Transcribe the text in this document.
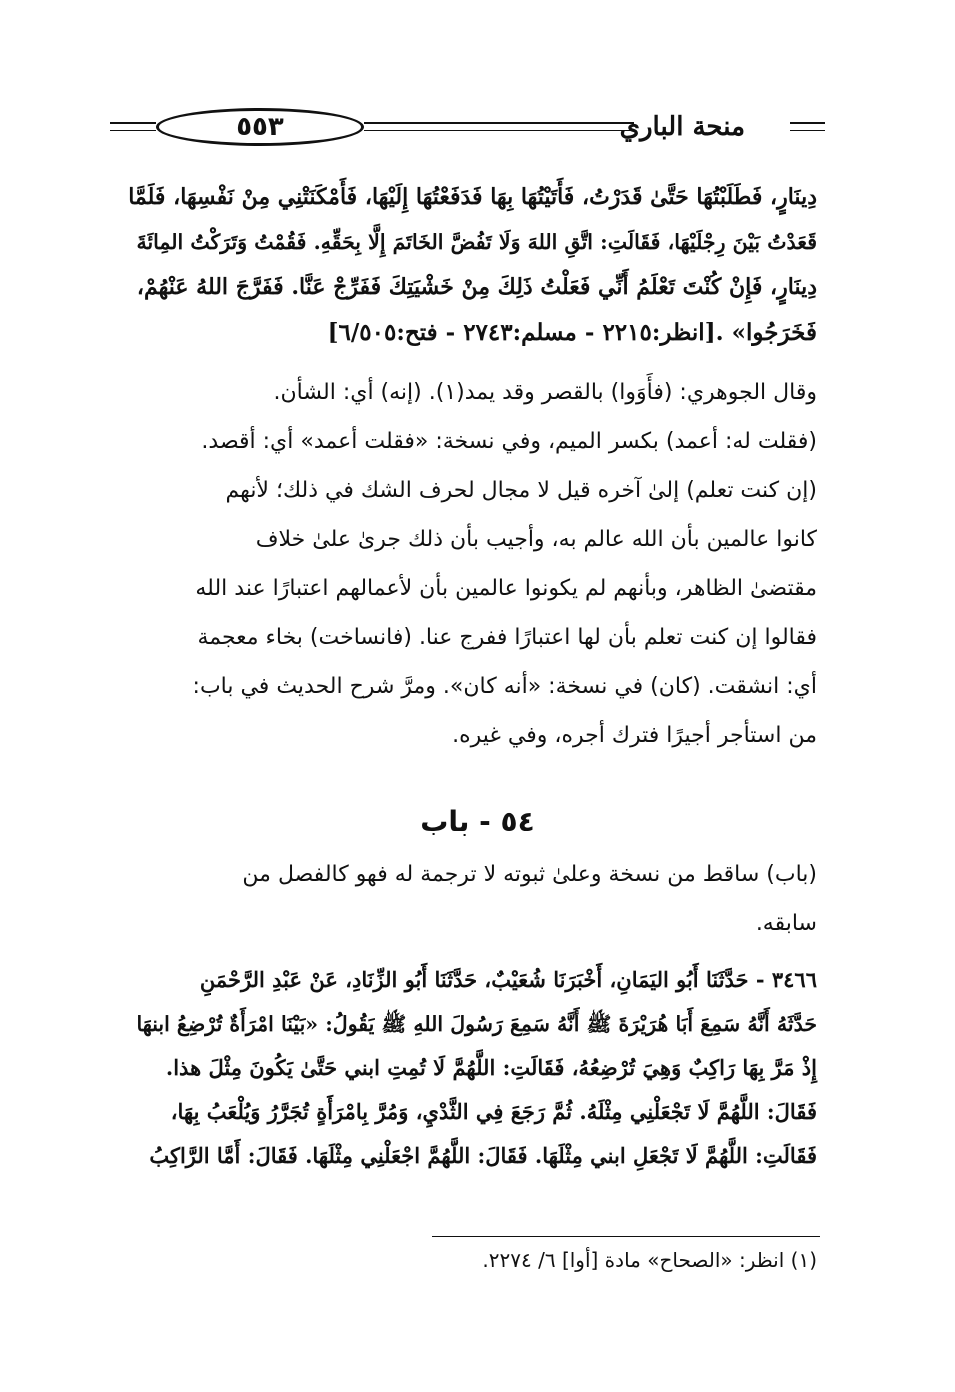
٥٥٣	منحة الباري

دِينَارٍ، فَطَلَبْتُهَا حَتَّىٰ قَدَرْتُ، فَأَتَيْتُهَا بِهَا فَدَفَعْتُهَا إِلَيْهَا، فَأَمْكَنَتْنِي مِنْ نَفْسِهَا، فَلَمَّا

قَعَدْتُ بَيْنَ رِجْلَيْهَا، فَقَالَتِ: اتَّقِ اللهَ وَلَا تَفُضَّ الخَاتَمَ إِلَّا بِحَقِّهِ. فَقُمْتُ وَتَرَكْتُ المِائَةَ

دِينَارٍ، فَإِنْ كُنْتَ تَعْلَمُ أَنِّي فَعَلْتُ ذَلِكَ مِنْ خَشْيَتِكَ فَفَرِّجْ عَنَّا. فَفَرَّجَ اللهُ عَنْهُمْ،

فَخَرَجُوا» .[انظر:٢٢١٥ - مسلم:٢٧٤٣ - فتح:٦/٥٠٥]

وقال الجوهري: (فأَوَوا) بالقصر وقد يمد(١). (إنه) أي: الشأن.

(فقلت له: أعمد) بكسر الميم، وفي نسخة: «فقلت أعمد» أي: أقصد.

(إن كنت تعلم) إلىٰ آخره قيل لا مجال لحرف الشك في ذلك؛ لأنهم

كانوا عالمين بأن الله عالم به، وأجيب بأن ذلك جرىٰ علىٰ خلاف

مقتضىٰ الظاهر، وبأنهم لم يكونوا عالمين بأن لأعمالهم اعتبارًا عند الله

فقالوا إن كنت تعلم بأن لها اعتبارًا ففرج عنا. (فانساخت) بخاء معجمة

أي: انشقت. (كان) في نسخة: «أنه كان». ومرَّ شرح الحديث في باب:

من استأجر أجيرًا فترك أجره، وفي غيره.

٥٤ - باب

(باب) ساقط من نسخة وعلىٰ ثبوته لا ترجمة له فهو كالفصل من

سابقه.

٣٤٦٦ - حَدَّثَنَا أَبُو اليَمَانِ، أَخْبَرَنَا شُعَيْبٌ، حَدَّثَنَا أَبُو الزِّنَادِ، عَنْ عَبْدِ الرَّحْمَنِ

حَدَّثَهُ أَنَّهُ سَمِعَ أَبَا هُرَيْرَةَ ﷺ أَنَّهُ سَمِعَ رَسُولَ اللهِ ﷺ يَقُولُ: «بَيْنَا امْرَأَةٌ تُرْضِعُ ابنهَا

إِذْ مَرَّ بِهَا رَاكِبٌ وَهِيَ تُرْضِعُهُ، فَقَالَتِ: اللَّهُمَّ لَا تُمِتِ ابني حَتَّىٰ يَكُونَ مِثْلَ هذا.

فَقَالَ: اللَّهُمَّ لَا تَجْعَلْنِي مِثْلَهُ. ثُمَّ رَجَعَ فِي الثَّدْيِ، وَمُرَّ بِامْرَأَةٍ تُجَرَّرُ وَيُلْعَبُ بِهَا،

فَقَالَتِ: اللَّهُمَّ لَا تَجْعَلِ ابني مِثْلَهَا. فَقَالَ: اللَّهُمَّ اجْعَلْنِي مِثْلَهَا. فَقَالَ: أَمَّا الرَّاكِبُ

(١) انظر: «الصحاح» مادة [أوا] ٦/ ٢٢٧٤.
